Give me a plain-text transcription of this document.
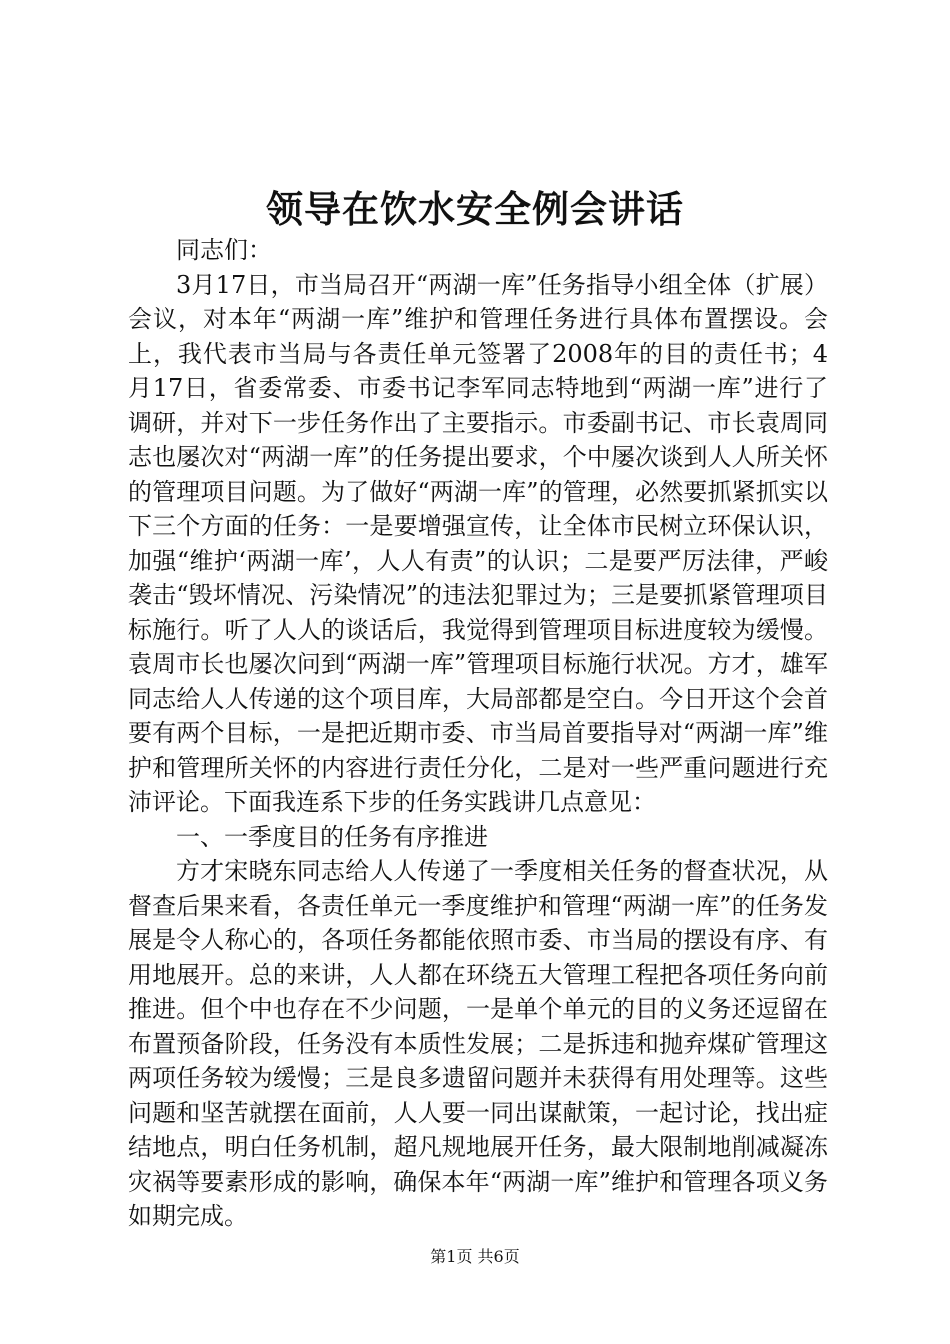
领导在饮水安全例会讲话

同志们：

3月17日，市当局召开“两湖一库”任务指导小组全体（扩展）会议，对本年“两湖一库”维护和管理任务进行具体布置摆设。会上，我代表市当局与各责任单元签署了2008年的目的责任书；4月17日，省委常委、市委书记李军同志特地到“两湖一库”进行了调研，并对下一步任务作出了主要指示。市委副书记、市长袁周同志也屡次对“两湖一库”的任务提出要求，个中屡次谈到人人所关怀的管理项目问题。为了做好“两湖一库”的管理，必然要抓紧抓实以下三个方面的任务：一是要增强宣传，让全体市民树立环保认识，加强“维护‘两湖一库’，人人有责”的认识；二是要严厉法律，严峻袭击“毁坏情况、污染情况”的违法犯罪过为；三是要抓紧管理项目标施行。听了人人的谈话后，我觉得到管理项目标进度较为缓慢。袁周市长也屡次问到“两湖一库”管理项目标施行状况。方才，雄军同志给人人传递的这个项目库，大局部都是空白。今日开这个会首要有两个目标，一是把近期市委、市当局首要指导对“两湖一库”维护和管理所关怀的内容进行责任分化，二是对一些严重问题进行充沛评论。下面我连系下步的任务实践讲几点意见：

一、一季度目的任务有序推进

方才宋晓东同志给人人传递了一季度相关任务的督查状况，从督查后果来看，各责任单元一季度维护和管理“两湖一库”的任务发展是令人称心的，各项任务都能依照市委、市当局的摆设有序、有用地展开。总的来讲，人人都在环绕五大管理工程把各项任务向前推进。但个中也存在不少问题，一是单个单元的目的义务还逗留在布置预备阶段，任务没有本质性发展；二是拆违和抛弃煤矿管理这两项任务较为缓慢；三是良多遗留问题并未获得有用处理等。这些问题和坚苦就摆在面前，人人要一同出谋献策，一起讨论，找出症结地点，明白任务机制，超凡规地展开任务，最大限制地削减凝冻灾祸等要素形成的影响，确保本年“两湖一库”维护和管理各项义务如期完成。

第1页 共6页
